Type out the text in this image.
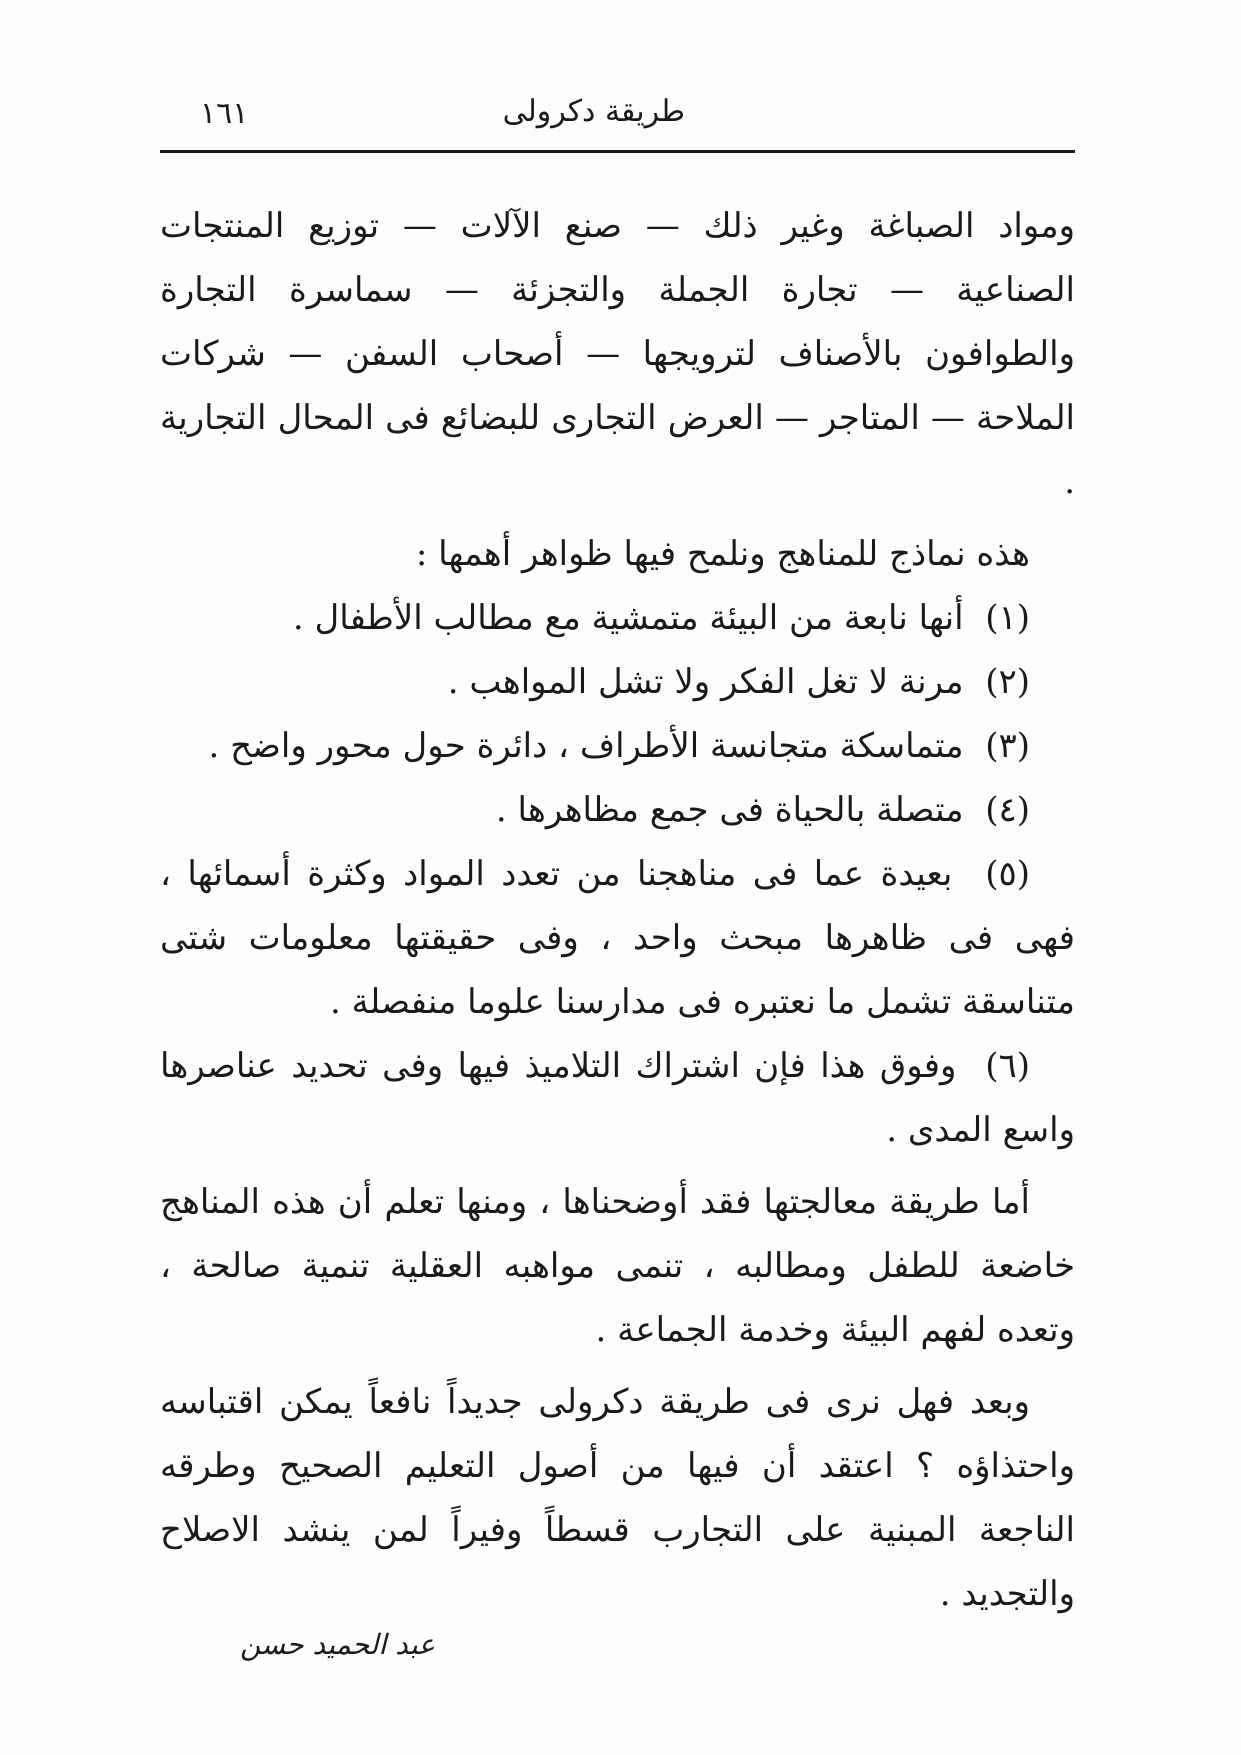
طريقة دكرولى
١٦١

ومواد الصباغة وغير ذلك — صنع الآلات — توزيع المنتجات الصناعية — تجارة الجملة والتجزئة — سماسرة التجارة والطوافون بالأصناف لترويجها — أصحاب السفن — شركات الملاحة — المتاجر — العرض التجارى للبضائع فى المحال التجارية .

هذه نماذج للمناهج ونلمح فيها ظواهر أهمها :

(١)  أنها نابعة من البيئة متمشية مع مطالب الأطفال .

(٢)  مرنة لا تغل الفكر ولا تشل المواهب .

(٣)  متماسكة متجانسة الأطراف ، دائرة حول محور واضح .

(٤)  متصلة بالحياة فى جمع مظاهرها .

(٥)  بعيدة عما فى مناهجنا من تعدد المواد وكثرة أسمائها ، فهى فى ظاهرها مبحث واحد ، وفى حقيقتها معلومات شتى متناسقة تشمل ما نعتبره فى مدارسنا علوما منفصلة .

(٦)  وفوق هذا فإن اشتراك التلاميذ فيها وفى تحديد عناصرها واسع المدى .

أما طريقة معالجتها فقد أوضحناها ، ومنها تعلم أن هذه المناهج خاضعة للطفل ومطالبه ، تنمى مواهبه العقلية تنمية صالحة ، وتعده لفهم البيئة وخدمة الجماعة .

وبعد فهل نرى فى طريقة دكرولى جديداً نافعاً يمكن اقتباسه واحتذاؤه ؟ اعتقد أن فيها من أصول التعليم الصحيح وطرقه الناجعة المبنية على التجارب قسطاً وفيراً لمن ينشد الاصلاح والتجديد .

عبد الحميد حسن
